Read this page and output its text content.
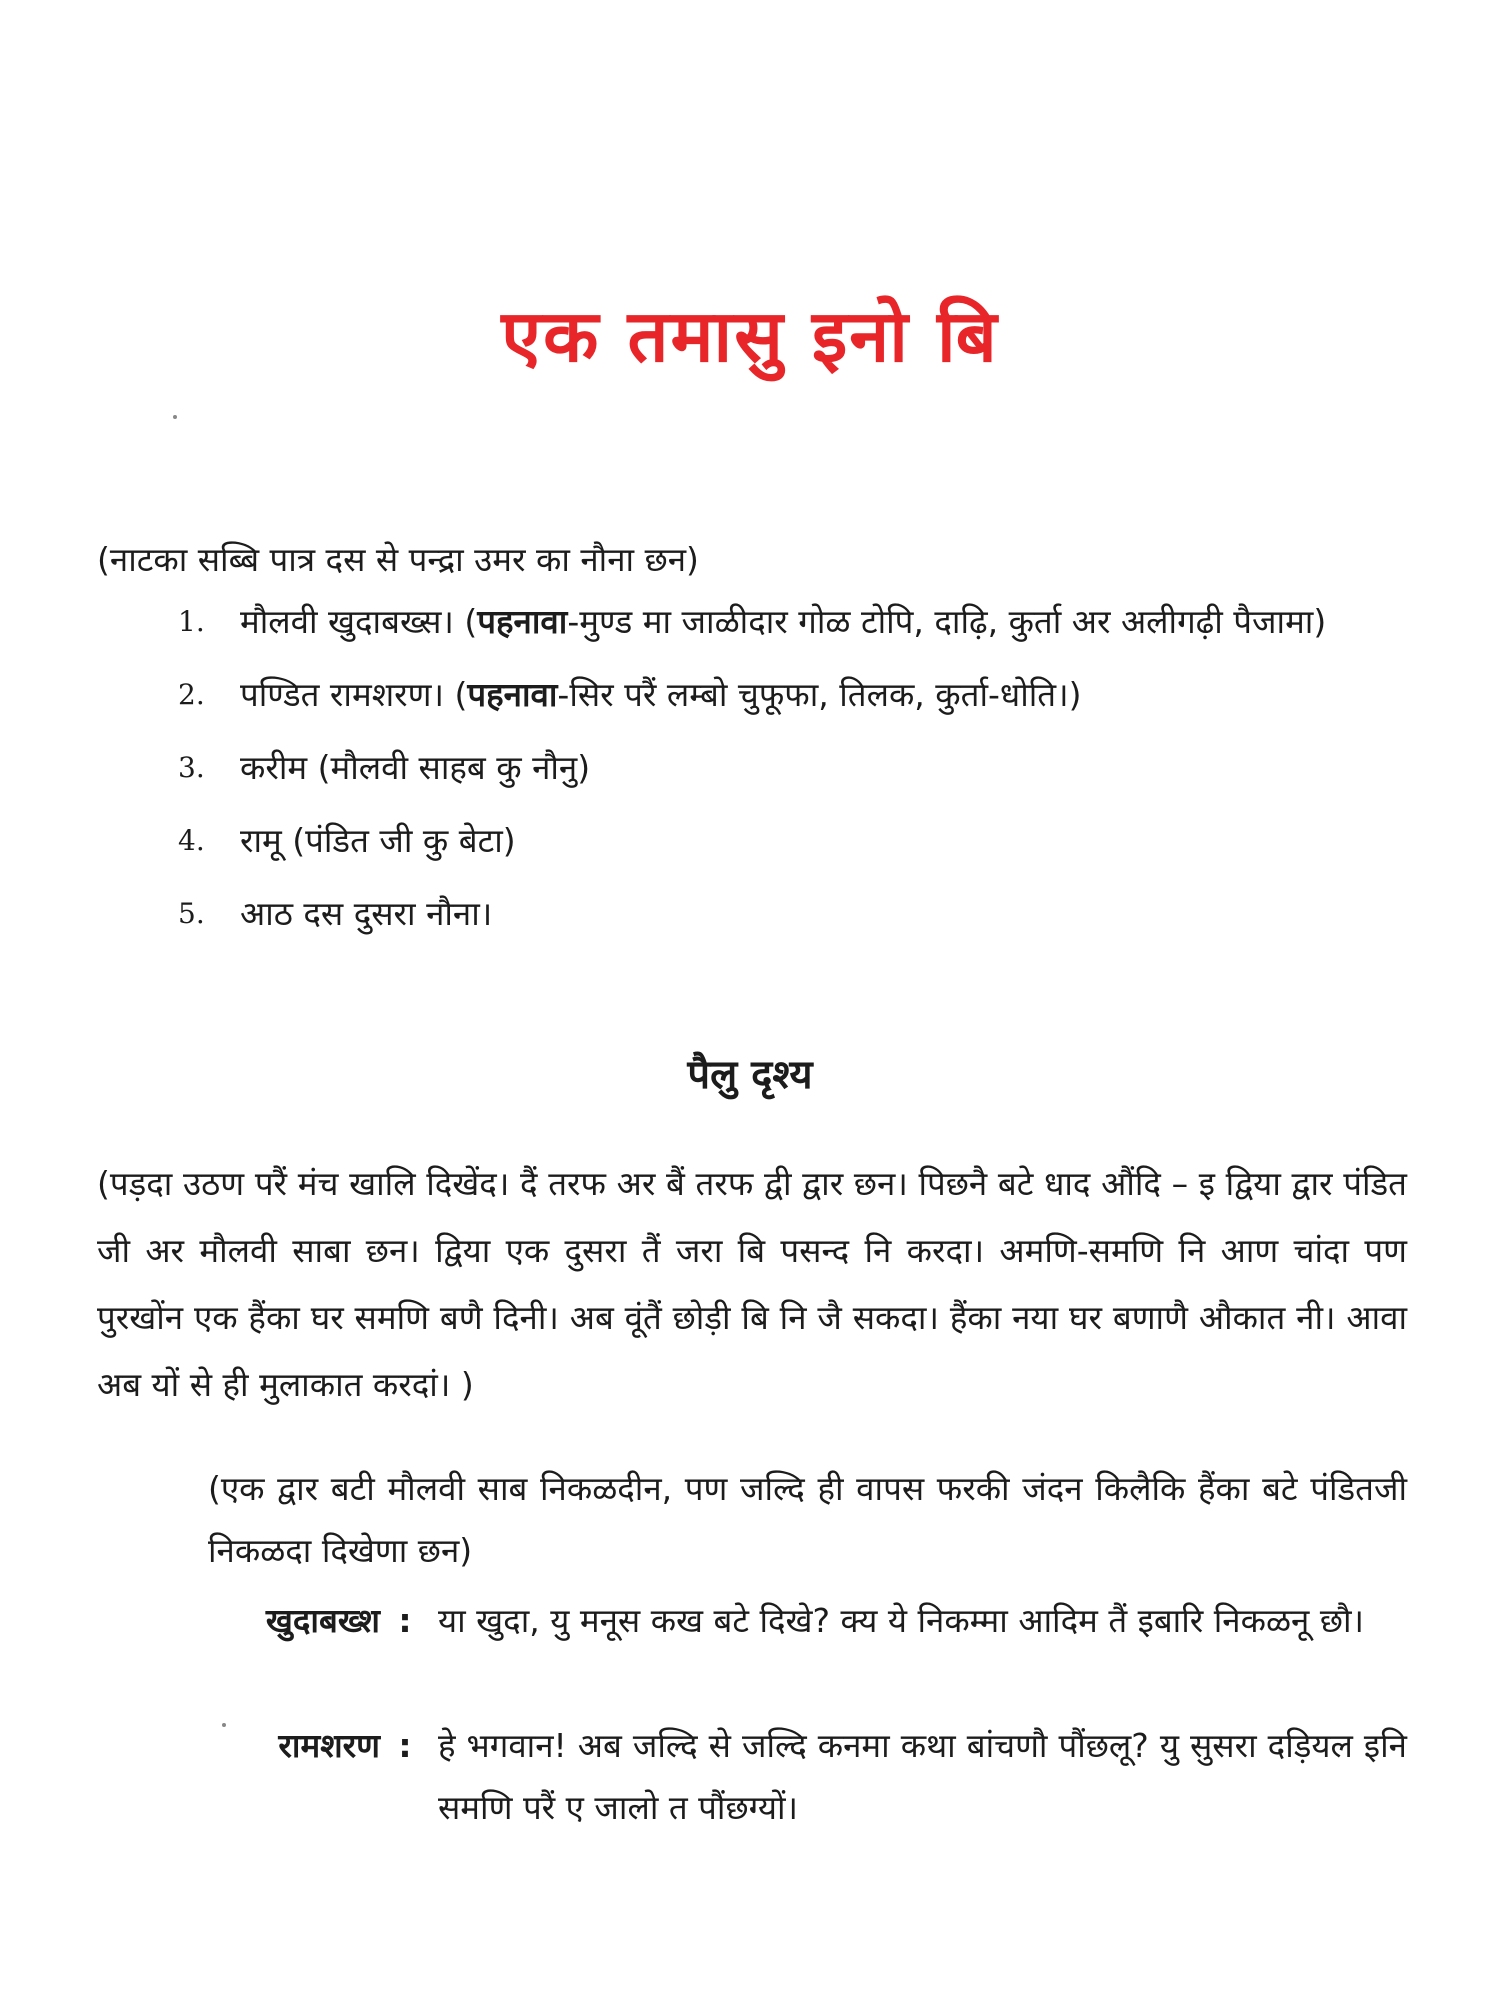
एक तमासु इनो बि
(नाटका सब्बि पात्र दस से पन्द्रा उमर का नौना छन)
1.	मौलवी खुदाबख्स। (पहनावा-मुण्ड मा जाळीदार गोळ टोपि, दाढ़ि, कुर्ता अर अलीगढ़ी पैजामा)
2.	पण्डित रामशरण। (पहनावा-सिर परैं लम्बो चुफूफा, तिलक, कुर्ता-धोति।)
3.	करीम (मौलवी साहब कु नौनु)
4.	रामू (पंडित जी कु बेटा)
5.	आठ दस दुसरा नौना।
पैलु दृश्य
(पड़दा उठण परैं मंच खालि दिखेंद। दैं तरफ अर बैं तरफ द्वी द्वार छन। पिछनै बटे धाद औंदि – इ द्विया द्वार पंडित जी अर मौलवी साबा छन। द्विया एक दुसरा तैं जरा बि पसन्द नि करदा। अमणि-समणि नि आण चांदा पण पुरखोंन एक हैंका घर समणि बणै दिनी। अब वूंतैं छोड़ी बि नि जै सकदा। हैंका नया घर बणाणै औकात नी। आवा अब यों से ही मुलाकात करदां। )
(एक द्वार बटी मौलवी साब निकळदीन, पण जल्दि ही वापस फरकी जंदन किलैकि हैंका बटे पंडितजी निकळदा दिखेणा छन)
खुदाबख्श : या खुदा, यु मनूस कख बटे दिखे? क्य ये निकम्मा आदिम तैं इबारि निकळनू छौ।
रामशरण : हे भगवान! अब जल्दि से जल्दि कनमा कथा बांचणौ पौंछलू? यु सुसरा दड़ियल इनि समणि परैं ए जालो त पौंछग्यों।
